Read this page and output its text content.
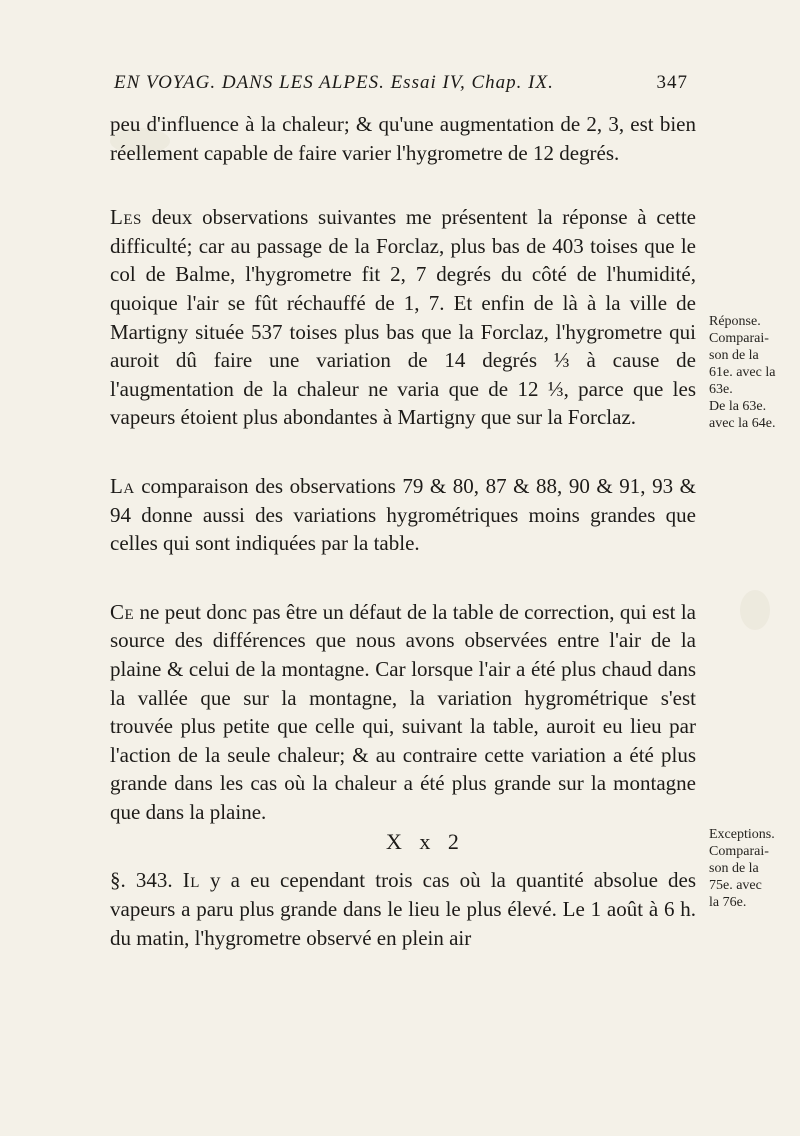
EN VOYAG. DANS LES ALPES. Essai IV, Chap. IX.	347

peu d'influence à la chaleur; & qu'une augmentation de 2, 3, est bien réellement capable de faire varier l'hygrometre de 12 degrés.

Les deux observations suivantes me présentent la réponse à cette difficulté; car au passage de la Forclaz, plus bas de 403 toises que le col de Balme, l'hygrometre fit 2, 7 degrés du côté de l'humidité, quoique l'air se fût réchauffé de 1, 7. Et enfin de là à la ville de Martigny située 537 toises plus bas que la Forclaz, l'hygrometre qui auroit dû faire une variation de 14 degrés ⅓ à cause de l'augmentation de la chaleur ne varia que de 12 ⅓, parce que les vapeurs étoient plus abondantes à Martigny que sur la Forclaz.

La comparaison des observations 79 & 80, 87 & 88, 90 & 91, 93 & 94 donne aussi des variations hygrométriques moins grandes que celles qui sont indiquées par la table.

Ce ne peut donc pas être un défaut de la table de correction, qui est la source des différences que nous avons observées entre l'air de la plaine & celui de la montagne. Car lorsque l'air a été plus chaud dans la vallée que sur la montagne, la variation hygrométrique s'est trouvée plus petite que celle qui, suivant la table, auroit eu lieu par l'action de la seule chaleur; & au contraire cette variation a été plus grande dans les cas où la chaleur a été plus grande sur la montagne que dans la plaine.

§. 343. Il y a eu cependant trois cas où la quantité absolue des vapeurs a paru plus grande dans le lieu le plus élevé. Le 1 août à 6 h. du matin, l'hygrometre observé en plein air

X x 2
Réponse.
Comparai-
son de la
61e. avec la
63e.
De la 63e.
avec la 64e.
Exceptions.
Comparai-
son de la
75e. avec
la 76e.
